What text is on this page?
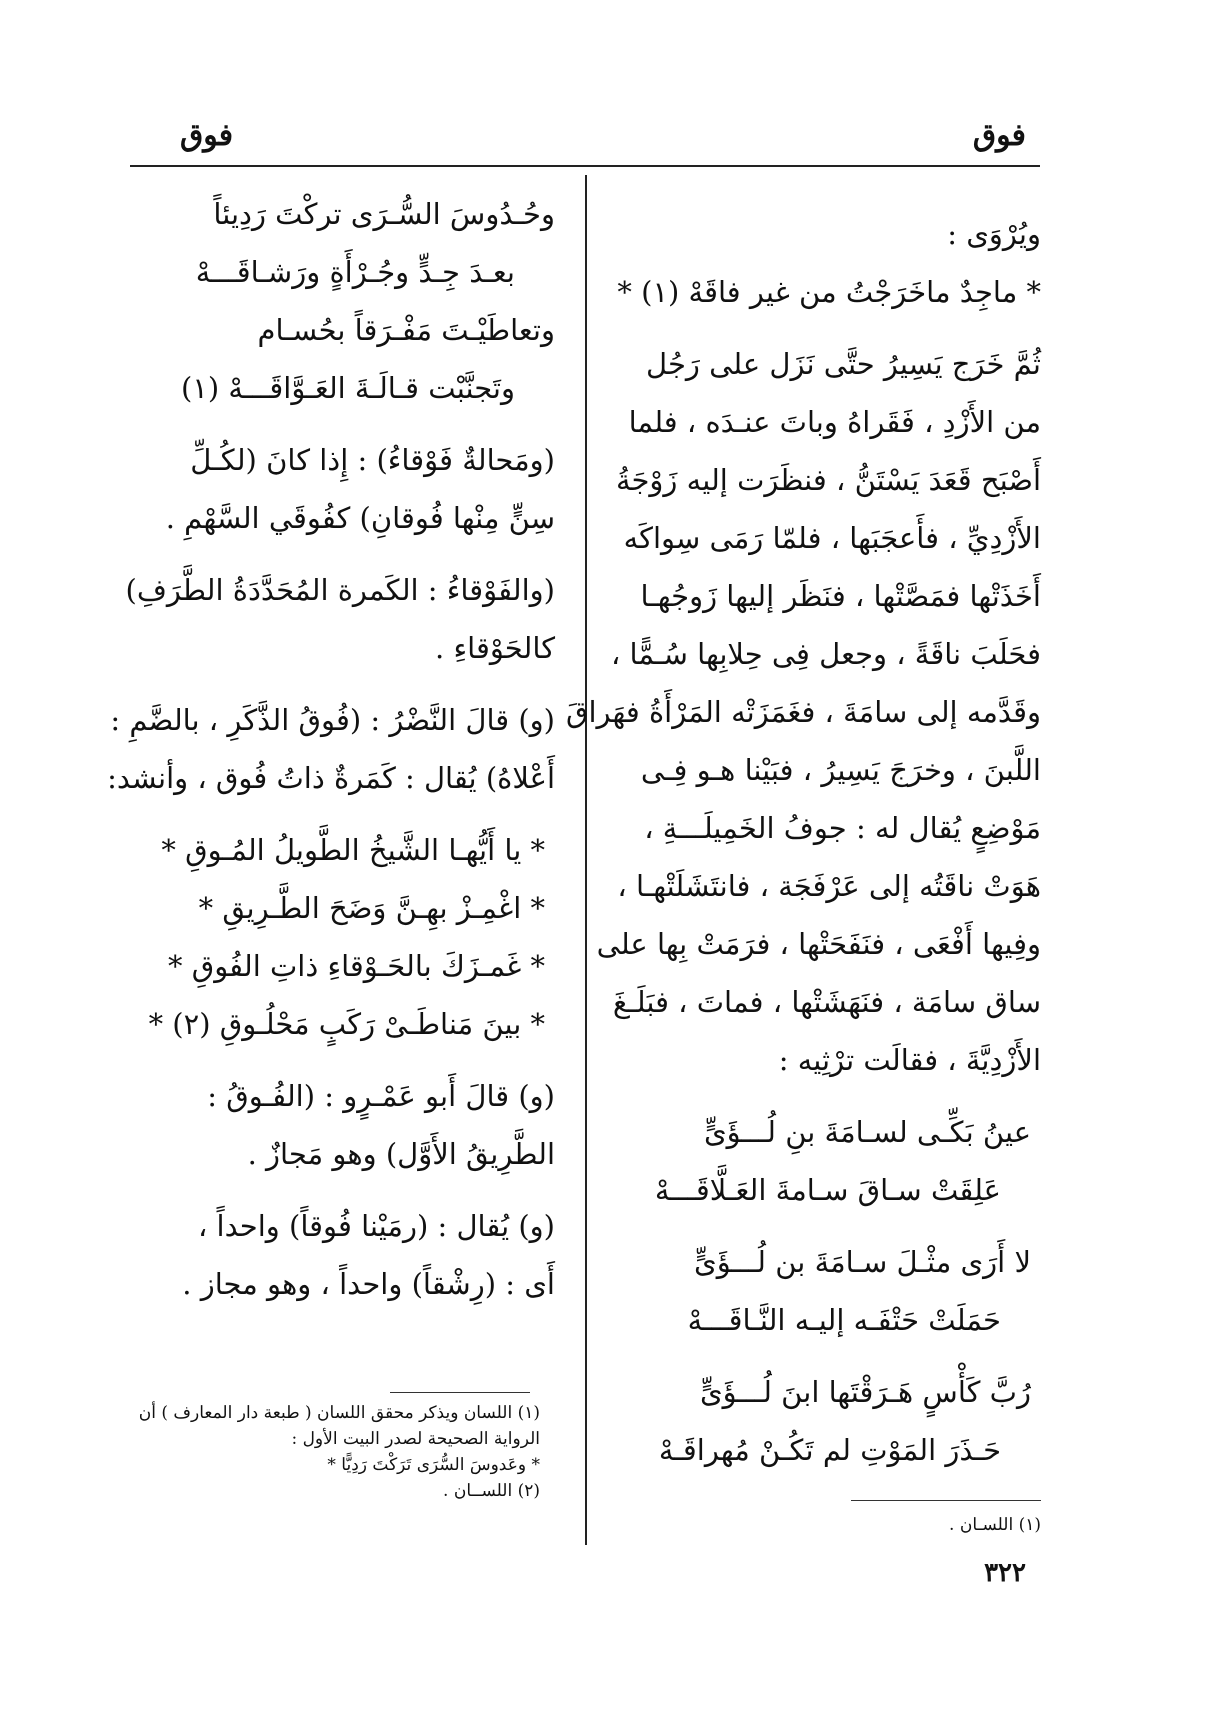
فوق	فوق
ويُرْوَى :
* ماجِدٌ ماخَرَجْتُ من غير فاقَهْ (١) *
ثُمَّ خَرَج يَسِيرُ حتَّى نَزَل على رَجُل
من الأَزْدِ ، فَقَراهُ وباتَ عنـدَه ، فلما
أَصْبَح قَعَدَ يَسْتَنُّ ، فنظَرَت إليه زَوْجَةُ
الأَزْدِيِّ ، فأَعجَبَها ، فلمّا رَمَى سِواكَه
أَخَذَتْها فمَصَّتْها ، فنَظَر إليها زَوجُهـا
فحَلَبَ ناقَةً ، وجعل فِى حِلابِها سُـمًّا ،
وقَدَّمه إلى سامَةَ ، فغَمَزَتْه المَرْأَةُ فهَراقَ
اللَّبنَ ، وخرَجَ يَسِيرُ ، فبَيْنا هـو فِـى
مَوْضِعٍ يُقال له : جوفُ الخَمِيلَـــةِ ،
هَوَتْ ناقَتُه إلى عَرْفَجَة ، فانتَشَلَتْهـا ،
وفِيها أَفْعَى ، فنَفَحَتْها ، فرَمَتْ بِها على
ساق سامَة ، فنَهَشَتْها ، فماتَ ، فبَلَـغَ
الأَزْدِيَّةَ ، فقالَت ترْثِيه :
عينُ بَكِّـى لسـامَةَ بنِ لُـــؤَىٍّ
عَلِقَتْ سـاقَ سـامةَ العَـلَّاقَـــهْ
لا أَرَى مثْـلَ سـامَةَ بن لُـــؤَىٍّ
حَمَلَتْ حَتْفَـه إليـه النَّـاقَـــهْ
رُبَّ كَأْسٍ هَـرَقْتَها ابنَ لُـــؤَىٍّ
حَـذَرَ المَوْتِ لم تَكُـنْ مُهراقَـهْ
وحُـدُوسَ السُّـرَى تركْتَ رَدِيئاً
بعـدَ جِـدٍّ وجُـرْأَةٍ ورَشـاقَـــهْ
وتعاطَيْـتَ مَفْـرَقاً بحُسـام
وتَجنَّبْت قـالَـةَ العَـوَّاقَـــهْ (١)
(ومَحالةٌ فَوْقاءُ) : إِذا كانَ (لكُـلِّ
سِنٍّ مِنْها فُوقانِ) كفُوقَي السَّهْمِ .
(والفَوْقاءُ : الكَمرة المُحَدَّدَةُ الطَّرَفِ)
كالحَوْقاءِ .
(و) قالَ النَّضْرُ : (فُوقُ الذَّكَرِ ، بالضَّمِ :
أَعْلاهُ) يُقال : كَمَرةٌ ذاتُ فُوق ، وأنشد:
* يا أَيُّهـا الشَّيخُ الطَّويلُ المُـوقِ *
* اغْمِـزْ بهِـنَّ وَضَحَ الطَّـرِيقِ *
* غَمـزَكَ بالحَـوْقاءِ ذاتِ الفُوقِ *
* بينَ مَناطَـىْ رَكَبٍ مَحْلُـوقِ (٢) *
(و) قالَ أَبو عَمْـرٍو : (الفُـوقُ :
الطَّرِيقُ الأَوَّل) وهو مَجازٌ .
(و) يُقال : (رمَيْنا فُوقاً) واحداً ،
أَى : (رِشْقاً) واحداً ، وهو مجاز .
(١) اللسان ويذكر محقق اللسان ( طبعة دار المعارف ) أن
الرواية الصحيحة لصدر البيت الأول :
* وعَدوسَ السُّرَى تَرَكْتَ رَدِيًّا *
(٢) اللســان .
(١) اللسـان .
٣٢٢
